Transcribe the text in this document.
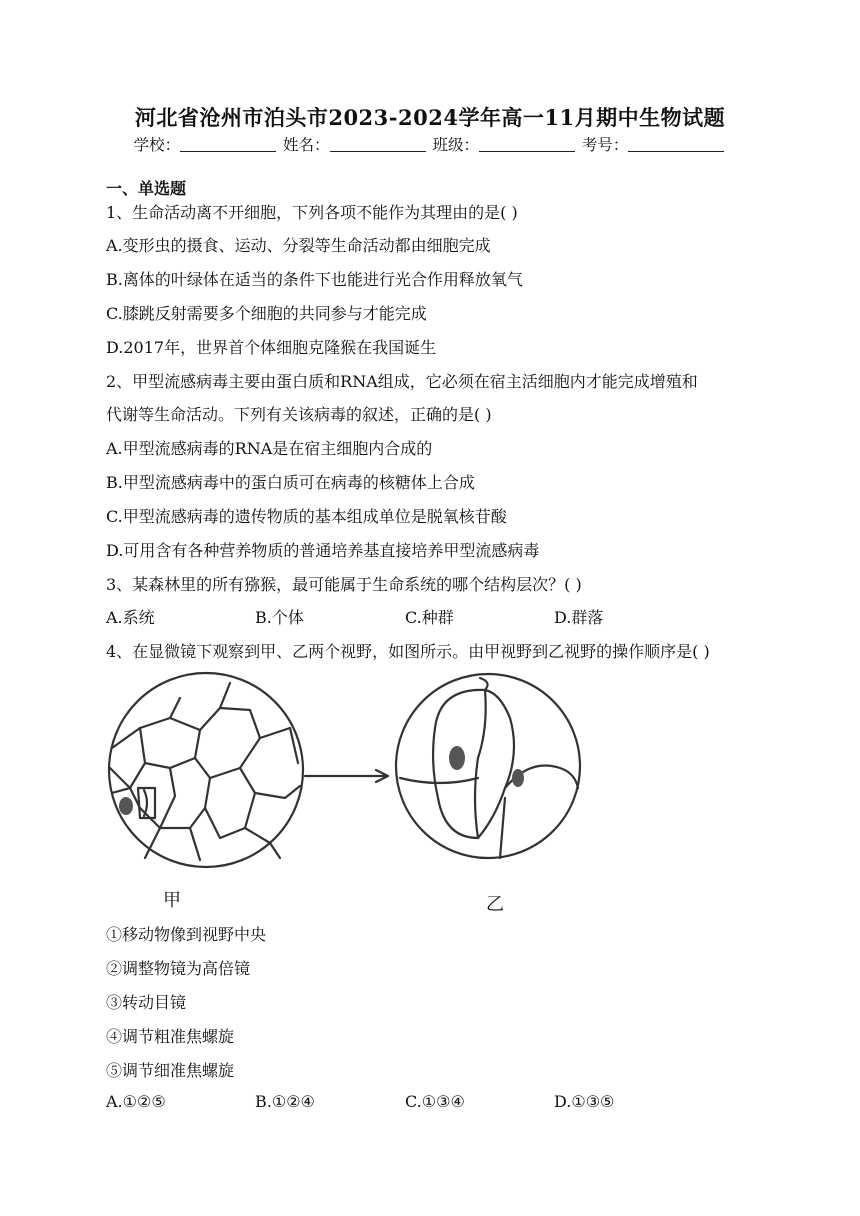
河北省沧州市泊头市2023-2024学年高一11月期中生物试题
学校：	姓名：	班级：	考号：
一、单选题
1、生命活动离不开细胞，下列各项不能作为其理由的是( )
A.变形虫的摄食、运动、分裂等生命活动都由细胞完成
B.离体的叶绿体在适当的条件下也能进行光合作用释放氧气
C.膝跳反射需要多个细胞的共同参与才能完成
D.2017年，世界首个体细胞克隆猴在我国诞生
2、甲型流感病毒主要由蛋白质和RNA组成，它必须在宿主活细胞内才能完成增殖和
代谢等生命活动。下列有关该病毒的叙述，正确的是( )
A.甲型流感病毒的RNA是在宿主细胞内合成的
B.甲型流感病毒中的蛋白质可在病毒的核糖体上合成
C.甲型流感病毒的遗传物质的基本组成单位是脱氧核苷酸
D.可用含有各种营养物质的普通培养基直接培养甲型流感病毒
3、某森林里的所有猕猴，最可能属于生命系统的哪个结构层次？( )
A.系统	B.个体	C.种群	D.群落
4、在显微镜下观察到甲、乙两个视野，如图所示。由甲视野到乙视野的操作顺序是( )
甲	乙
①移动物像到视野中央
②调整物镜为高倍镜
③转动目镜
④调节粗准焦螺旋
⑤调节细准焦螺旋
A.①②⑤	B.①②④	C.①③④	D.①③⑤
